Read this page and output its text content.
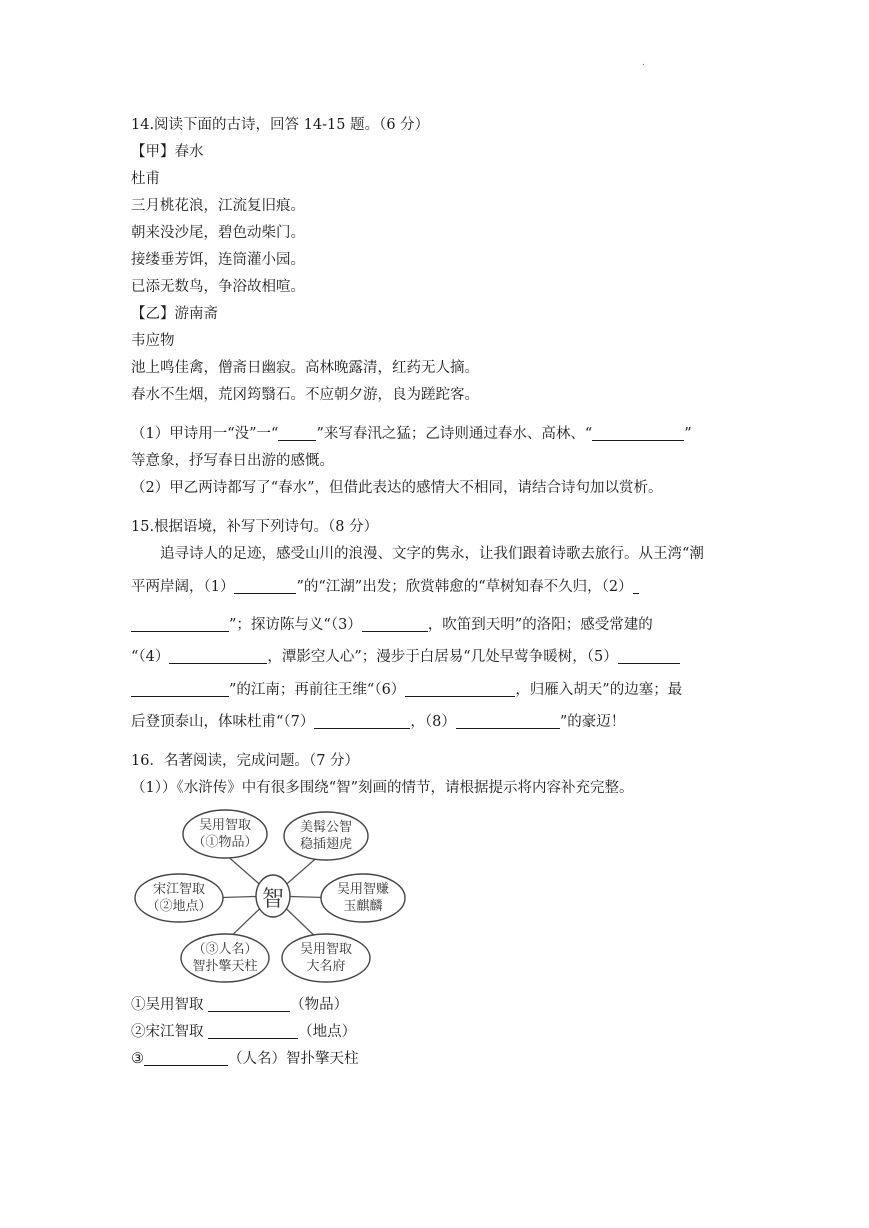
.
14.阅读下面的古诗，回答 14-15 题。（6 分）
【甲】春水
杜甫
三月桃花浪，江流复旧痕。
朝来没沙尾，碧色动柴门。
接缕垂芳饵，连筒灌小园。
已添无数鸟，争浴故相喧。
【乙】游南斋
韦应物
池上鸣佳禽，僧斋日幽寂。高林晚露清，红药无人摘。
春水不生烟，荒冈筠翳石。不应朝夕游，良为蹉跎客。
（1）甲诗用一“没”一“	”来写春汛之猛；乙诗则通过春水、高林、“	”
等意象，抒写春日出游的感慨。
（2）甲乙两诗都写了“春水”，但借此表达的感情大不相同，请结合诗句加以赏析。
15.根据语境，补写下列诗句。（8 分）
追寻诗人的足迹，感受山川的浪漫、文字的隽永，让我们跟着诗歌去旅行。从王湾“潮
平两岸阔，（1）	”的“江湖”出发；欣赏韩愈的“草树知春不久归，（2）
”；探访陈与义“（3）	，吹笛到天明”的洛阳；感受常建的
“（4）	，潭影空人心”；漫步于白居易“几处早莺争暖树，（5）
”的江南；再前往王维“（6）	，归雁入胡天”的边塞；最
后登顶泰山，体味杜甫“（7）	，（8）	”的豪迈！
16．名著阅读，完成问题。（7 分）
（1））《水浒传》中有很多围绕“智”刻画的情节，请根据提示将内容补充完整。
智
吴用智取
（①物品）
美髯公智
稳插翅虎
宋江智取
（②地点）
吴用智赚
玉麒麟
（③人名）
智扑擎天柱
吴用智取
大名府
①吴用智取	（物品）
②宋江智取	（地点）
③	（人名）智扑擎天柱
